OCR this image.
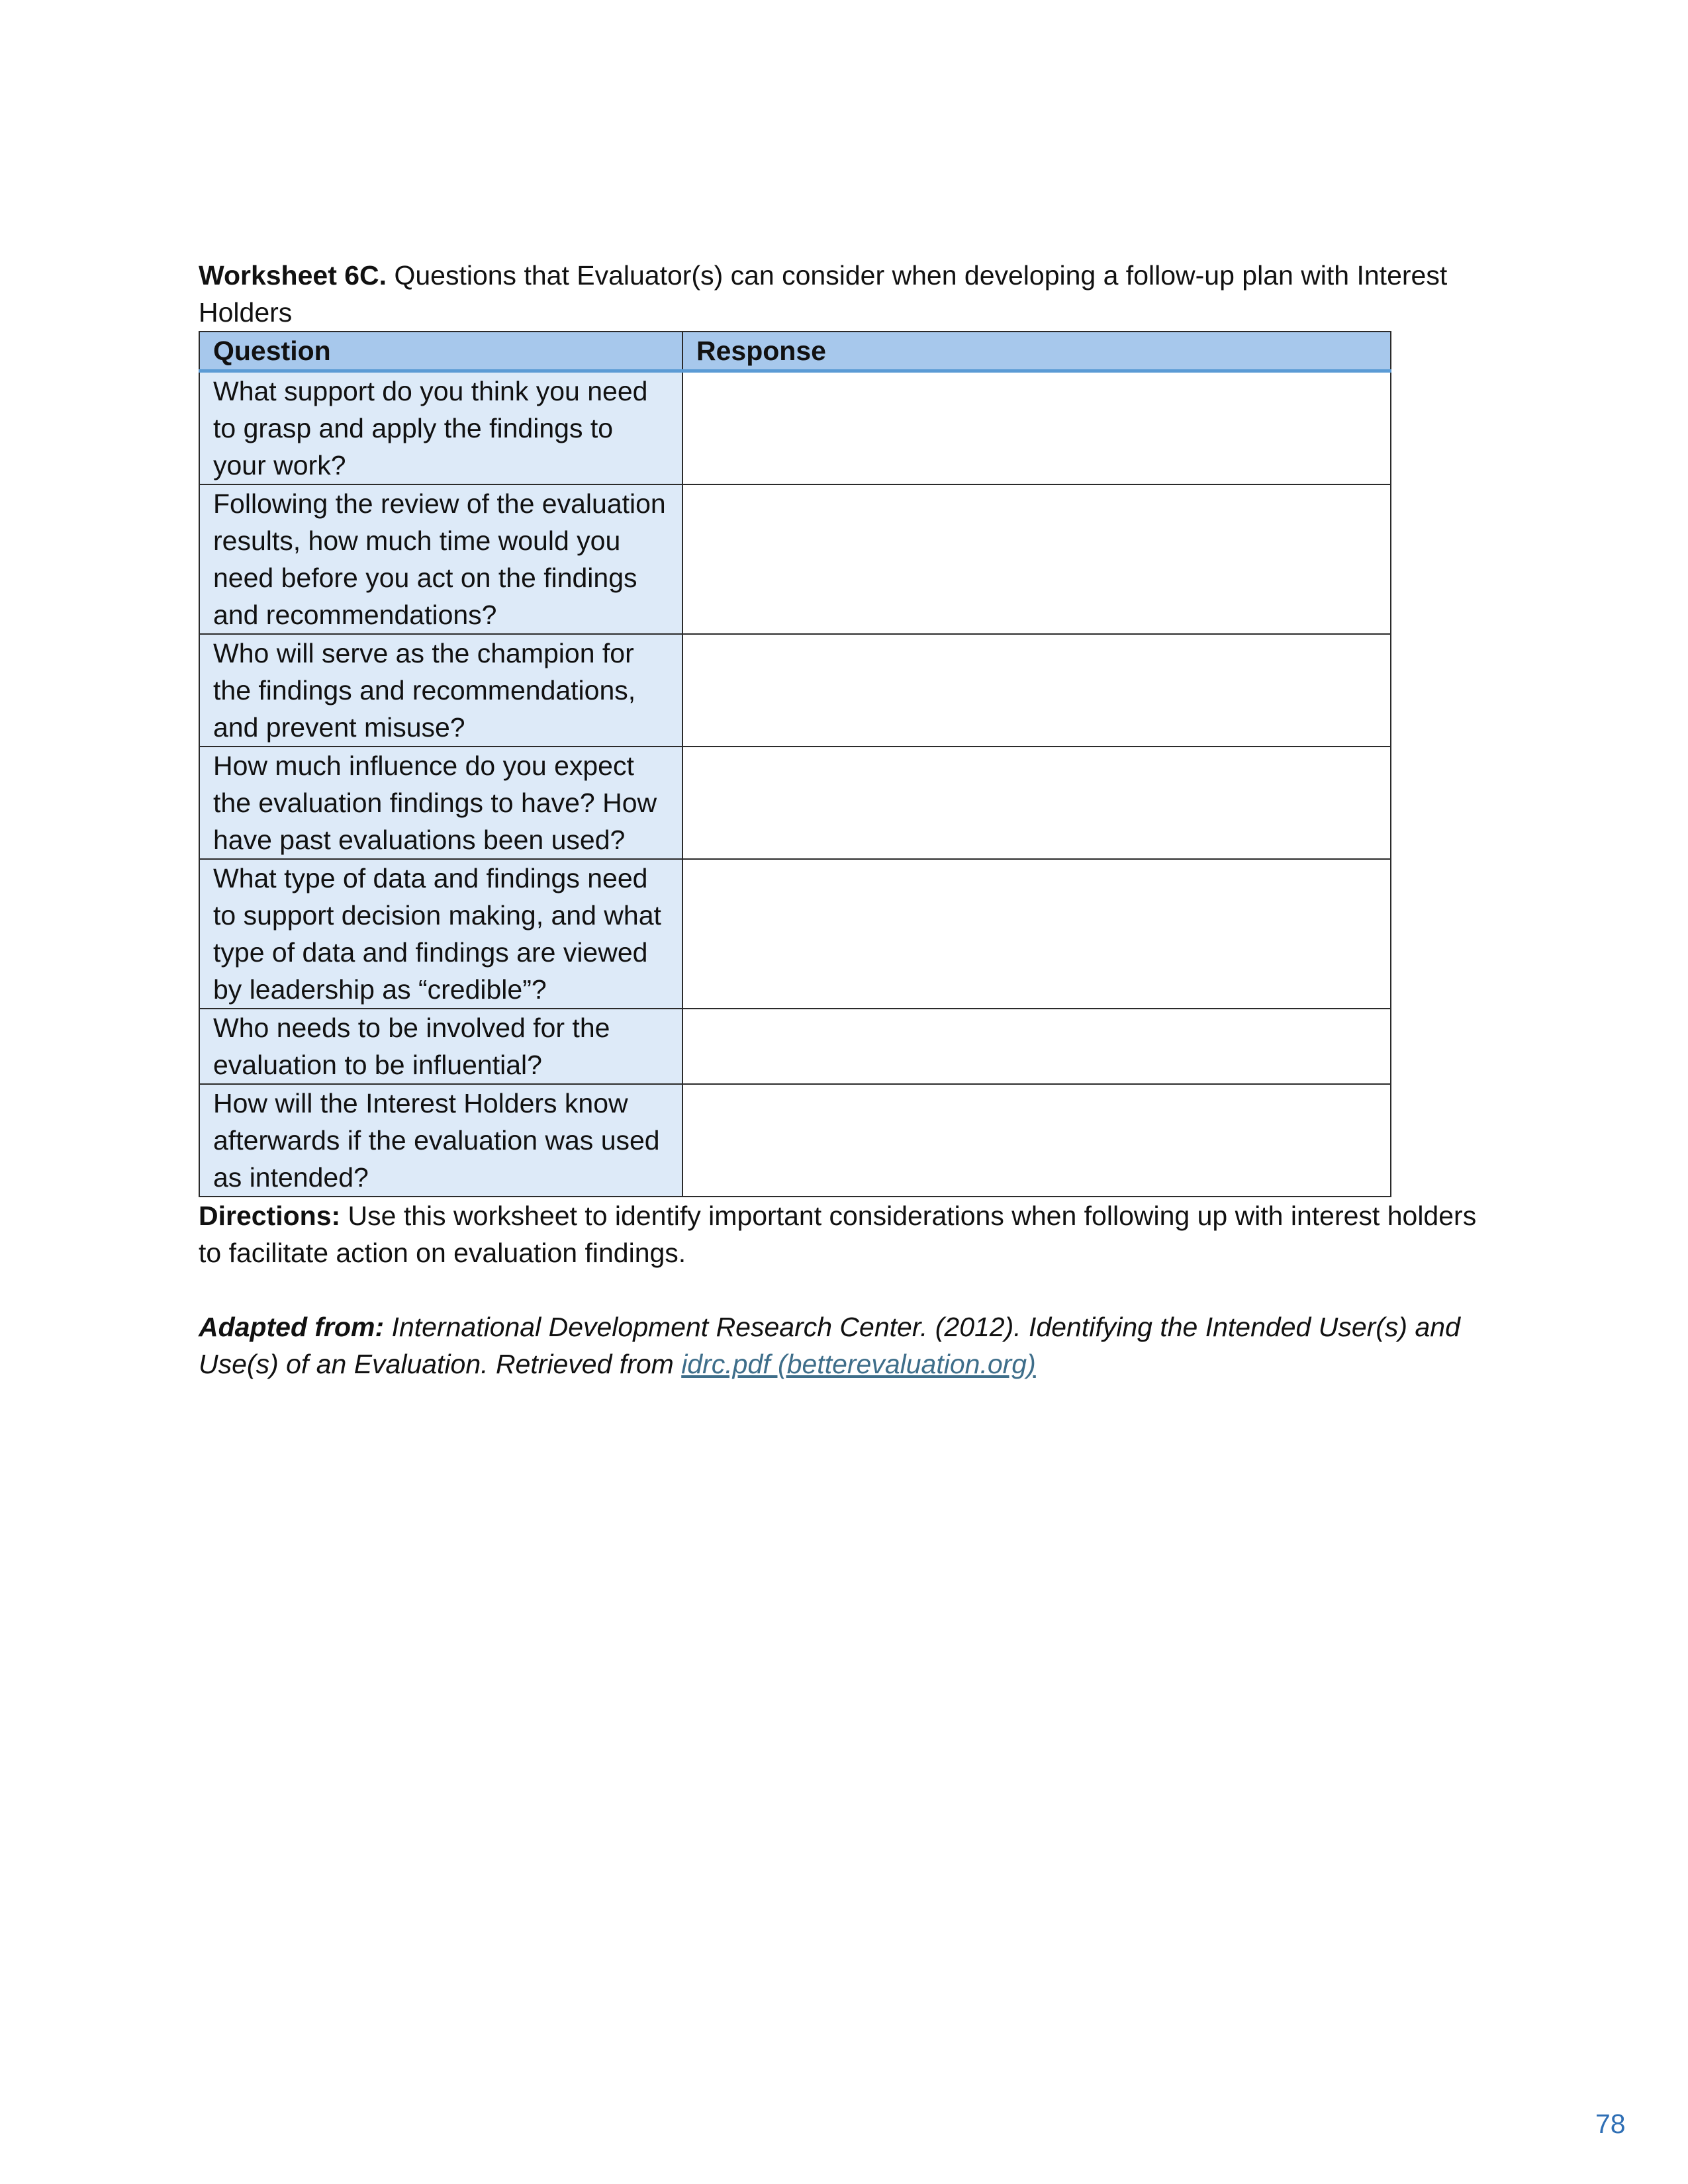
Worksheet 6C. Questions that Evaluator(s) can consider when developing a follow-up plan with Interest Holders

Question	Response
What support do you think you need to grasp and apply the findings to your work?	
Following the review of the evaluation results, how much time would you need before you act on the findings and recommendations?	
Who will serve as the champion for the findings and recommendations, and prevent misuse?	
How much influence do you expect the evaluation findings to have? How have past evaluations been used?	
What type of data and findings need to support decision making, and what type of data and findings are viewed by leadership as “credible”?	
Who needs to be involved for the evaluation to be influential?	
How will the Interest Holders know afterwards if the evaluation was used as intended?	

Directions: Use this worksheet to identify important considerations when following up with interest holders to facilitate action on evaluation findings.

Adapted from: International Development Research Center. (2012). Identifying the Intended User(s) and Use(s) of an Evaluation. Retrieved from idrc.pdf (betterevaluation.org)

78
